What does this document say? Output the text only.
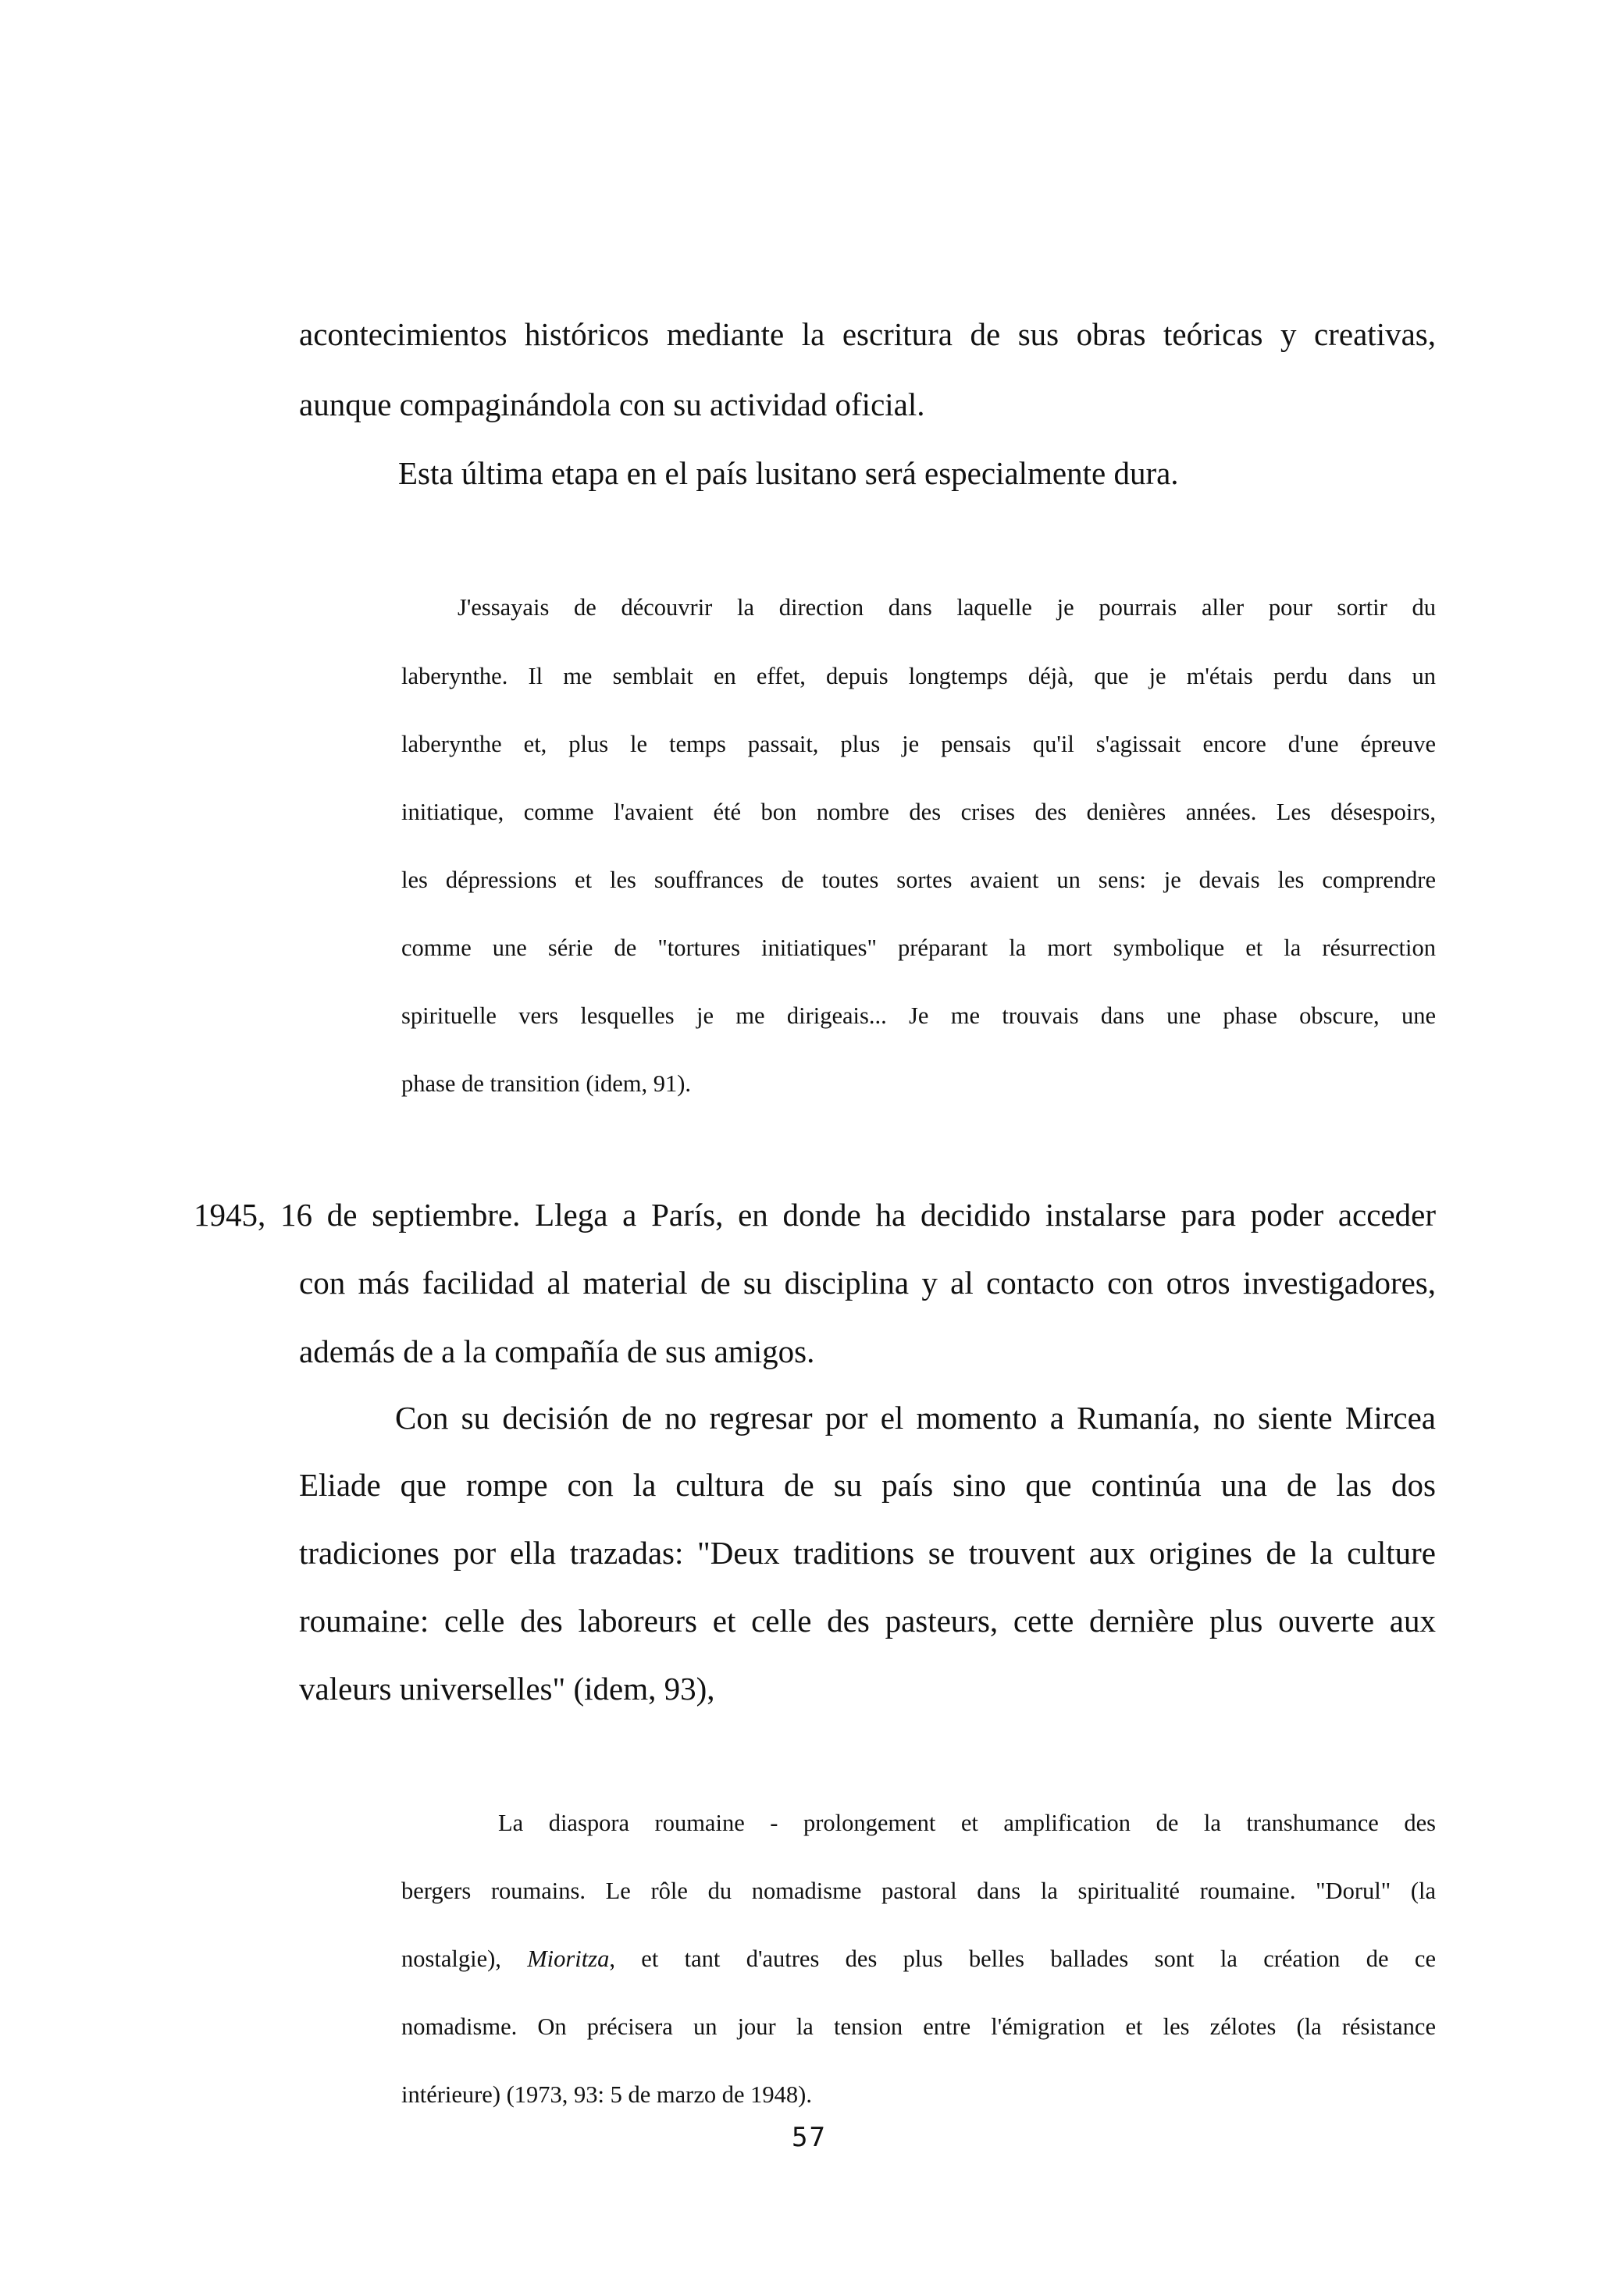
acontecimientos históricos mediante la escritura de sus obras teóricas y creativas,

aunque compaginándola con su actividad oficial.

Esta última etapa en el país lusitano será especialmente dura.

J'essayais de découvrir la direction dans laquelle je pourrais aller pour sortir du

laberynthe. Il me semblait en effet, depuis longtemps déjà, que je m'étais perdu dans un

laberynthe et, plus le temps passait, plus je pensais qu'il s'agissait encore d'une épreuve

initiatique, comme l'avaient été bon nombre des crises des denières années. Les désespoirs,

les dépressions et les souffrances de toutes sortes avaient un sens: je devais les comprendre

comme une série de "tortures initiatiques" préparant la mort symbolique et la résurrection

spirituelle vers lesquelles je me dirigeais... Je me trouvais dans une phase obscure, une

phase de transition (idem, 91).

1945, 16 de septiembre. Llega a París, en donde ha decidido instalarse para poder acceder

con más facilidad al material de su disciplina y al contacto con otros investigadores,

además de a la compañía de sus amigos.

Con su decisión de no regresar por el momento a Rumanía, no siente Mircea

Eliade que rompe con la cultura de su país sino que continúa una de las dos

tradiciones por ella trazadas: "Deux traditions se trouvent aux origines de la culture

roumaine: celle des laboreurs et celle des pasteurs, cette dernière plus ouverte aux

valeurs universelles" (idem, 93),

La diaspora roumaine - prolongement et amplification de la transhumance des

bergers roumains. Le rôle du nomadisme pastoral dans la spiritualité roumaine. "Dorul" (la

nostalgie), Mioritza, et tant d'autres des plus belles ballades sont la création de ce

nomadisme. On précisera un jour la tension entre l'émigration et les zélotes (la résistance

intérieure) (1973, 93: 5 de marzo de 1948).

57
